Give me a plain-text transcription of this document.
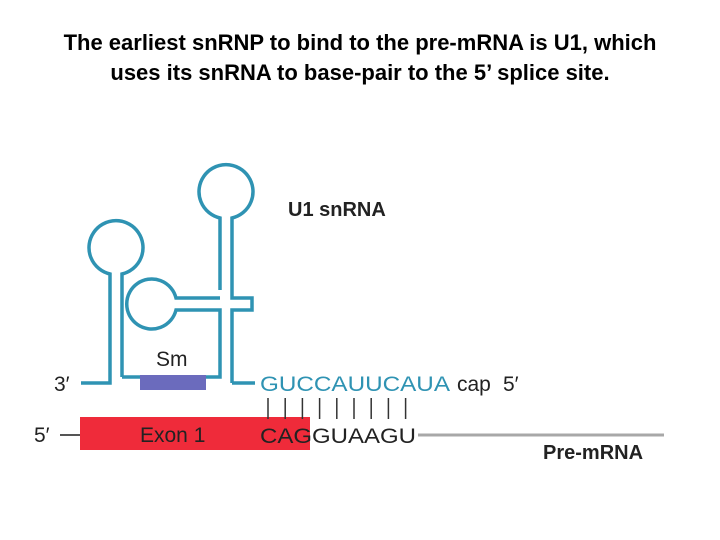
The earliest snRNP to bind to the pre-mRNA is U1, which uses its snRNA to base-pair to the 5’ splice site.
U1 snRNA
Sm
3′	GUCCAUUCAUA cap 5′
5′	Exon 1	CAG GUAAGU
Pre-mRNA
